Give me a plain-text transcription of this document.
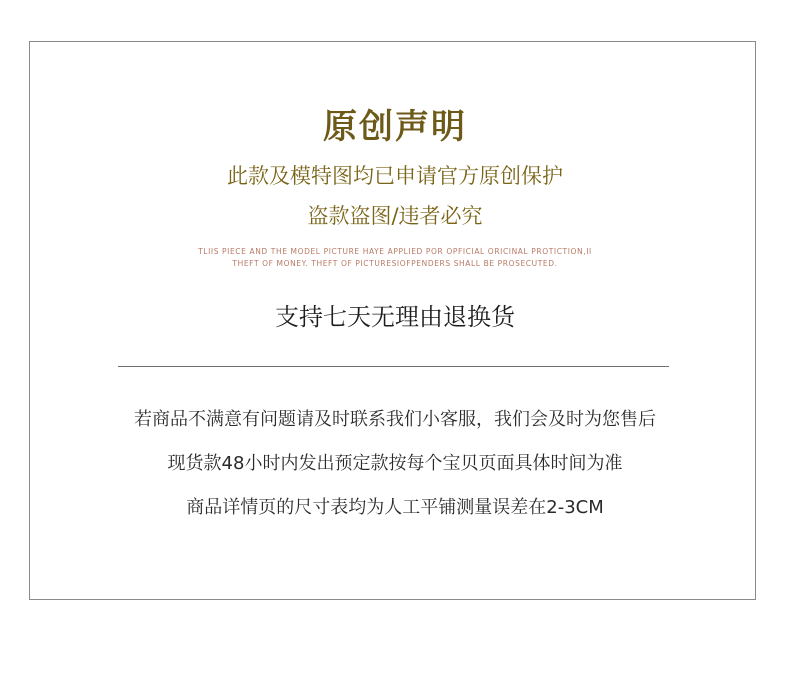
原创声明
此款及模特图均已申请官方原创保护
盗款盗图/违者必究
TLIIS PIECE AND THE MODEL PICTURE HAYE APPLIED POR OPFICIAL ORICINAL PROTICTION,II
THEFT OF MONEY. THEFT OF PICTURESIOFPENDERS SHALL BE PROSECUTED.
支持七天无理由退换货
若商品不满意有问题请及时联系我们小客服，我们会及时为您售后
现货款48小时内发出预定款按每个宝贝页面具体时间为准
商品详情页的尺寸表均为人工平铺测量误差在2-3CM
